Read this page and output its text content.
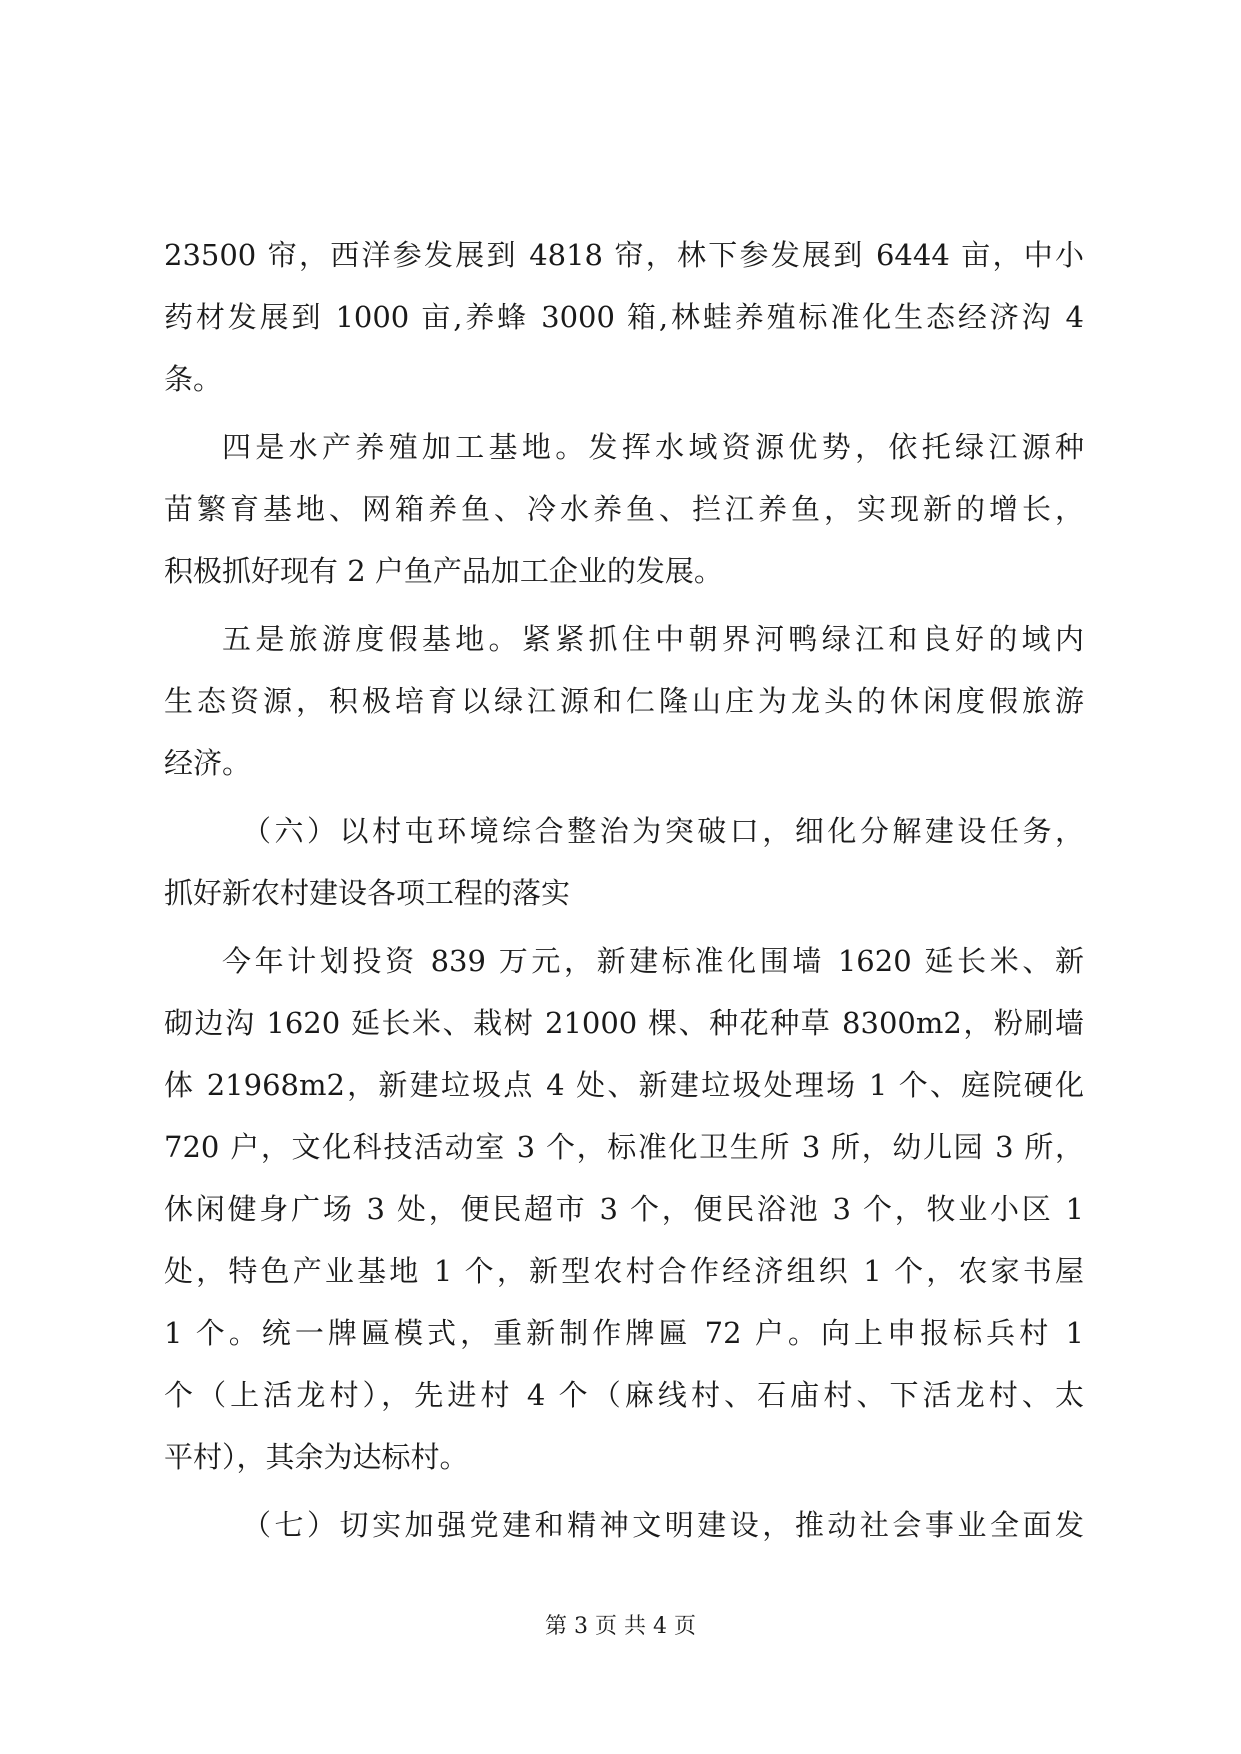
23500 帘，西洋参发展到 4818 帘，林下参发展到 6444 亩，中小
药材发展到 1000 亩,养蜂 3000 箱,林蛙养殖标准化生态经济沟 4
条。
四是水产养殖加工基地。发挥水域资源优势，依托绿江源种
苗繁育基地、网箱养鱼、冷水养鱼、拦江养鱼，实现新的增长，
积极抓好现有 2 户鱼产品加工企业的发展。
五是旅游度假基地。紧紧抓住中朝界河鸭绿江和良好的域内
生态资源，积极培育以绿江源和仁隆山庄为龙头的休闲度假旅游
经济。
（六）以村屯环境综合整治为突破口，细化分解建设任务，
抓好新农村建设各项工程的落实
今年计划投资 839 万元，新建标准化围墙 1620 延长米、新
砌边沟 1620 延长米、栽树 21000 棵、种花种草 8300m2，粉刷墙
体 21968m2，新建垃圾点 4 处、新建垃圾处理场 1 个、庭院硬化
720 户，文化科技活动室 3 个，标准化卫生所 3 所，幼儿园 3 所，
休闲健身广场 3 处，便民超市 3 个，便民浴池 3 个，牧业小区 1
处，特色产业基地 1 个，新型农村合作经济组织 1 个，农家书屋
1 个。统一牌匾模式，重新制作牌匾 72 户。向上申报标兵村 1
个（上活龙村），先进村 4 个（麻线村、石庙村、下活龙村、太
平村），其余为达标村。
（七）切实加强党建和精神文明建设，推动社会事业全面发
第 3 页 共 4 页
